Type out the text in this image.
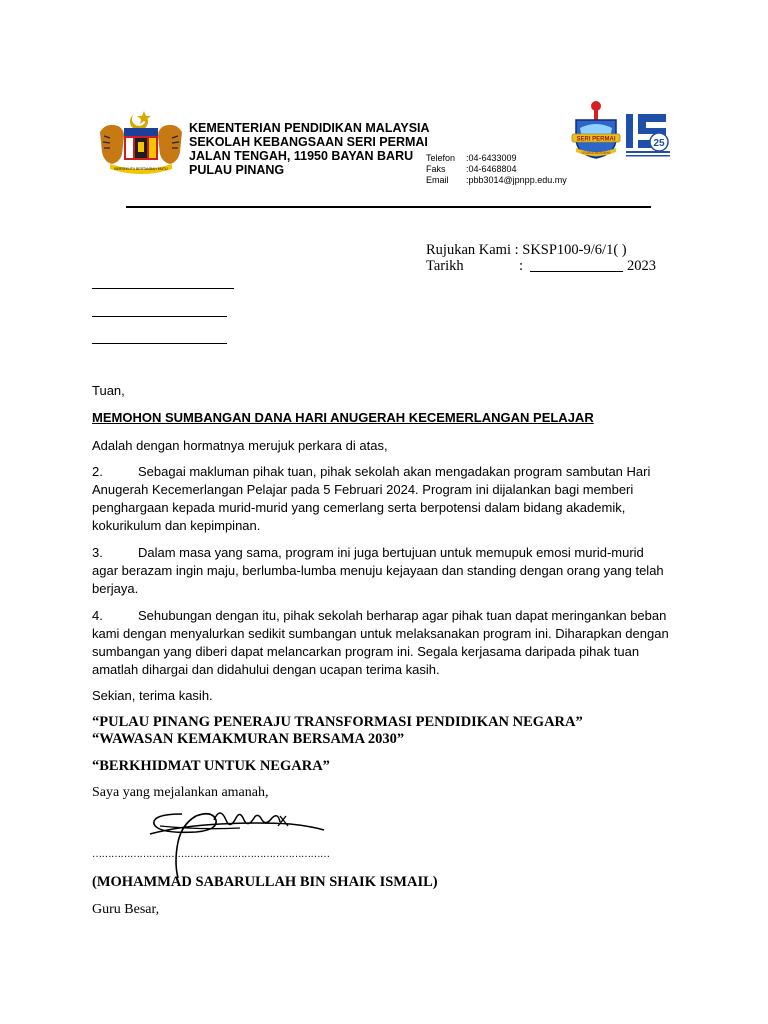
BERSEKUTU BERTAMBAH MUTU
KEMENTERIAN PENDIDIKAN MALAYSIA
SEKOLAH KEBANGSAAN SERI PERMAI
JALAN TENGAH, 11950 BAYAN BARU
PULAU PINANG
Telefon :04-6433009
Faks :04-6468804
Email :pbb3014@jpnpp.edu.my
SERI PERMAI
USAHA BERJAYA
25
Rujukan Kami : SKSP100-9/6/1( )
Tarikh	:	2023
Tuan,
MEMOHON SUMBANGAN DANA HARI ANUGERAH KECEMERLANGAN PELAJAR
Adalah dengan hormatnya merujuk perkara di atas,
2.	Sebagai makluman pihak tuan, pihak sekolah akan mengadakan program sambutan Hari Anugerah Kecemerlangan Pelajar pada 5 Februari 2024. Program ini dijalankan bagi memberi penghargaan kepada murid-murid yang cemerlang serta berpotensi dalam bidang akademik, kokurikulum dan kepimpinan.
3.	Dalam masa yang sama, program ini juga bertujuan untuk memupuk emosi murid-murid agar berazam ingin maju, berlumba-lumba menuju kejayaan dan standing dengan orang yang telah berjaya.
4.	Sehubungan dengan itu, pihak sekolah berharap agar pihak tuan dapat meringankan beban kami dengan menyalurkan sedikit sumbangan untuk melaksanakan program ini. Diharapkan dengan sumbangan yang diberi dapat melancarkan program ini. Segala kerjasama daripada pihak tuan amatlah dihargai dan didahului dengan ucapan terima kasih.
Sekian, terima kasih.
“PULAU PINANG PENERAJU TRANSFORMASI PENDIDIKAN NEGARA”
“WAWASAN KEMAKMURAN BERSAMA 2030”
“BERKHIDMAT UNTUK NEGARA”
Saya yang mejalankan amanah,
…………………………………………………………………
(MOHAMMAD SABARULLAH BIN SHAIK ISMAIL)
Guru Besar,
